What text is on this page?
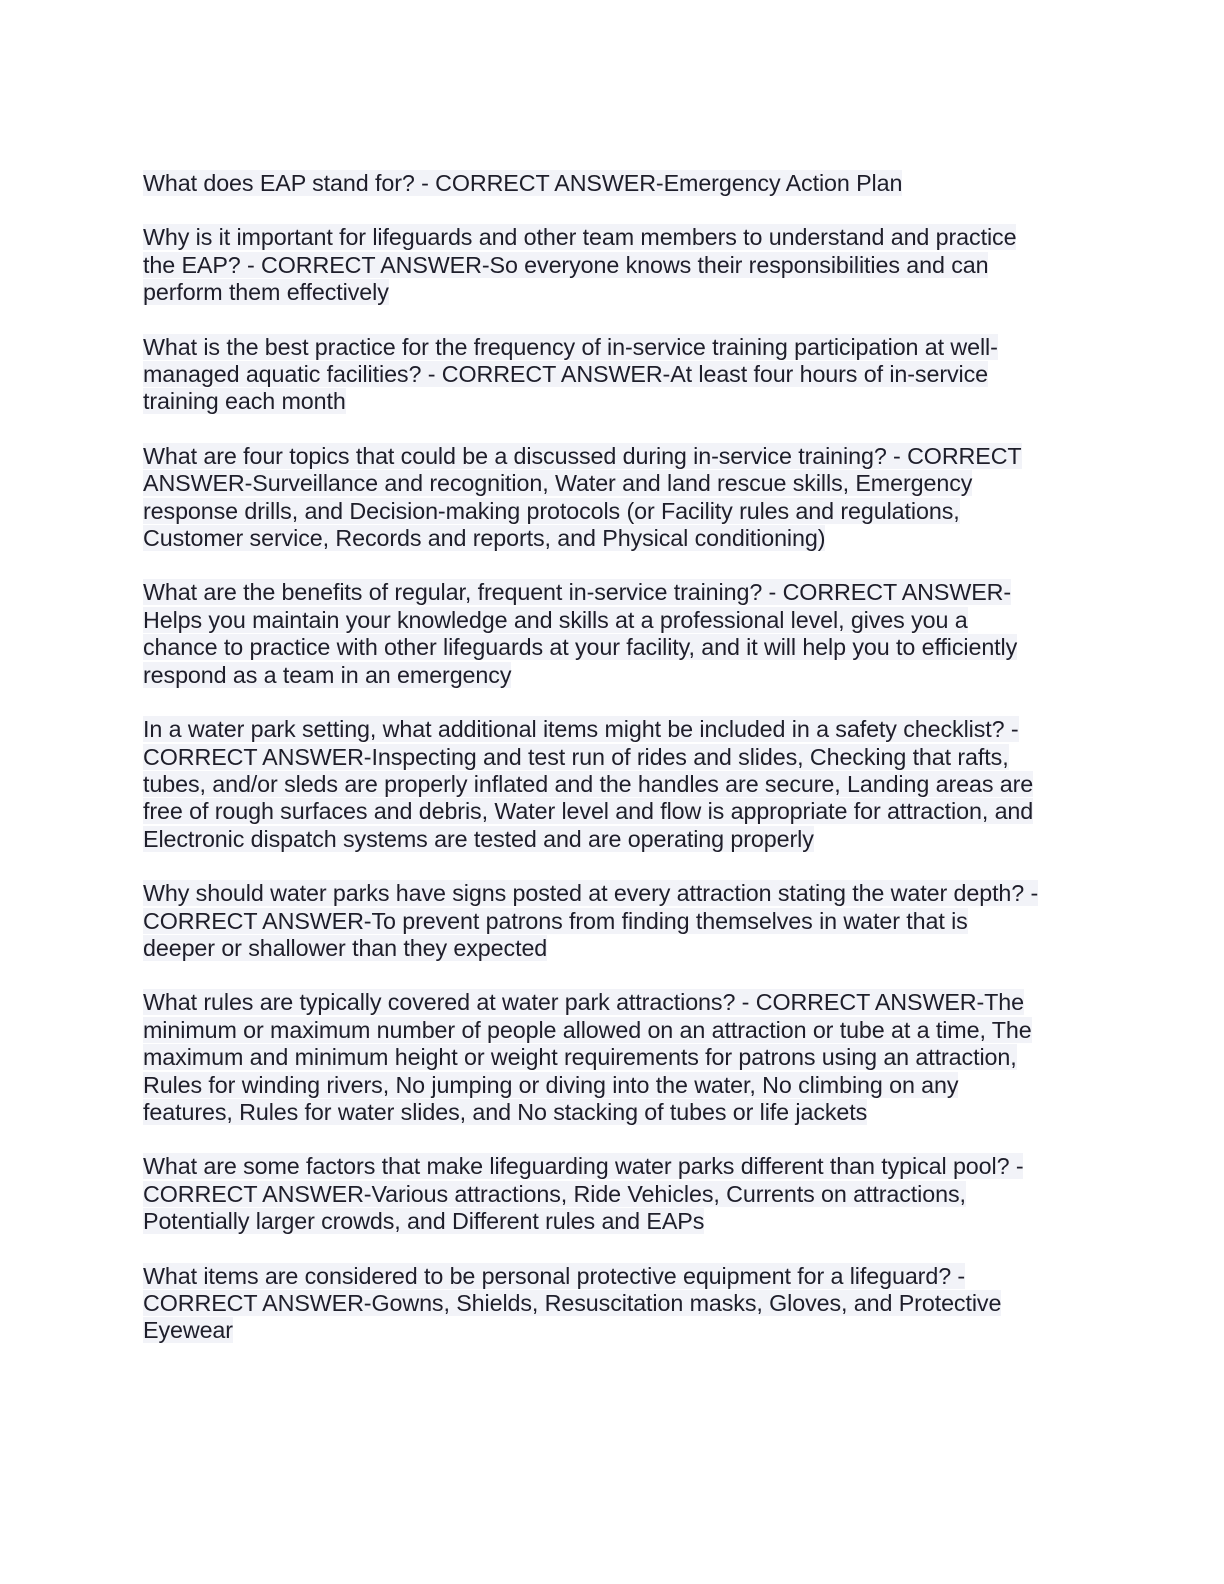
What does EAP stand for? - CORRECT ANSWER-Emergency Action Plan

Why is it important for lifeguards and other team members to understand and practice
the EAP? - CORRECT ANSWER-So everyone knows their responsibilities and can
perform them effectively

What is the best practice for the frequency of in-service training participation at well-
managed aquatic facilities? - CORRECT ANSWER-At least four hours of in-service
training each month

What are four topics that could be a discussed during in-service training? - CORRECT
ANSWER-Surveillance and recognition, Water and land rescue skills, Emergency
response drills, and Decision-making protocols (or Facility rules and regulations,
Customer service, Records and reports, and Physical conditioning)

What are the benefits of regular, frequent in-service training? - CORRECT ANSWER-
Helps you maintain your knowledge and skills at a professional level, gives you a
chance to practice with other lifeguards at your facility, and it will help you to efficiently
respond as a team in an emergency

In a water park setting, what additional items might be included in a safety checklist? -
CORRECT ANSWER-Inspecting and test run of rides and slides, Checking that rafts,
tubes, and/or sleds are properly inflated and the handles are secure, Landing areas are
free of rough surfaces and debris, Water level and flow is appropriate for attraction, and
Electronic dispatch systems are tested and are operating properly

Why should water parks have signs posted at every attraction stating the water depth? -
CORRECT ANSWER-To prevent patrons from finding themselves in water that is
deeper or shallower than they expected

What rules are typically covered at water park attractions? - CORRECT ANSWER-The
minimum or maximum number of people allowed on an attraction or tube at a time, The
maximum and minimum height or weight requirements for patrons using an attraction,
Rules for winding rivers, No jumping or diving into the water, No climbing on any
features, Rules for water slides, and No stacking of tubes or life jackets

What are some factors that make lifeguarding water parks different than typical pool? -
CORRECT ANSWER-Various attractions, Ride Vehicles, Currents on attractions,
Potentially larger crowds, and Different rules and EAPs

What items are considered to be personal protective equipment for a lifeguard? -
CORRECT ANSWER-Gowns, Shields, Resuscitation masks, Gloves, and Protective
Eyewear
